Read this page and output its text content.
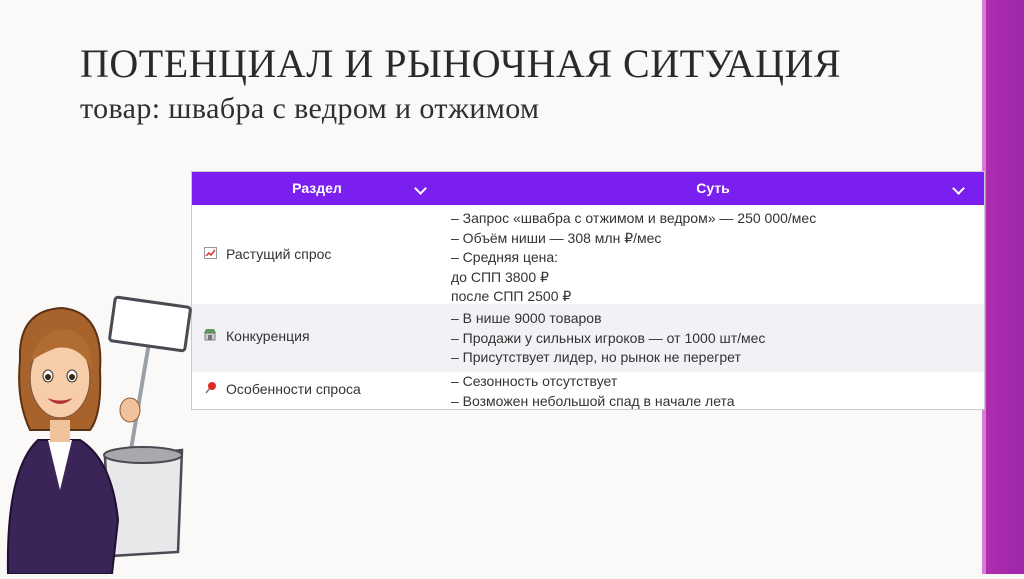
ПОТЕНЦИАЛ И РЫНОЧНАЯ СИТУАЦИЯ
товар: швабра с ведром и отжимом
Раздел	Суть
Растущий спрос
– Запрос «швабра с отжимом и ведром» — 250 000/мес
– Объём ниши — 308 млн ₽/мес
– Средняя цена:
до СПП 3800 ₽
после СПП 2500 ₽
Конкуренция
– В нише 9000 товаров
– Продажи у сильных игроков — от 1000 шт/мес
– Присутствует лидер, но рынок не перегрет
Особенности спроса	– Сезонность отсутствует
– Возможен небольшой спад в начале лета
